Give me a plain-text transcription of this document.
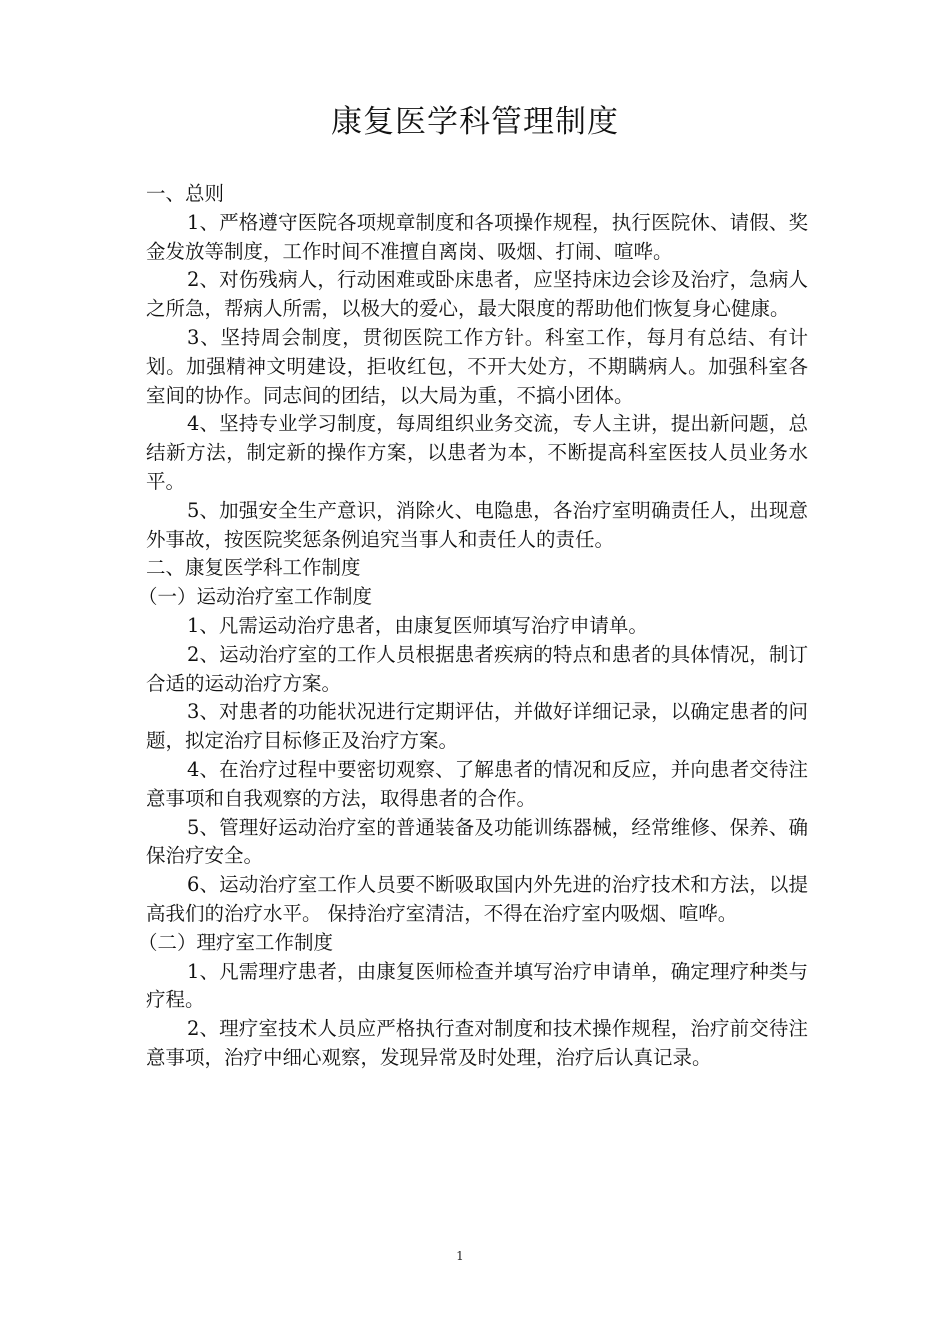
康复医学科管理制度

一、总则

1、严格遵守医院各项规章制度和各项操作规程，执行医院休、请假、奖金发放等制度，工作时间不准擅自离岗、吸烟、打闹、喧哗。

2、对伤残病人，行动困难或卧床患者，应坚持床边会诊及治疗，急病人之所急，帮病人所需，以极大的爱心，最大限度的帮助他们恢复身心健康。

3、坚持周会制度，贯彻医院工作方针。科室工作，每月有总结、有计划。加强精神文明建设，拒收红包，不开大处方，不期瞒病人。加强科室各室间的协作。同志间的团结，以大局为重，不搞小团体。

4、坚持专业学习制度，每周组织业务交流，专人主讲，提出新问题，总结新方法，制定新的操作方案，以患者为本，不断提高科室医技人员业务水平。

5、加强安全生产意识，消除火、电隐患，各治疗室明确责任人，出现意外事故，按医院奖惩条例追究当事人和责任人的责任。

二、康复医学科工作制度

（一）运动治疗室工作制度

1、凡需运动治疗患者，由康复医师填写治疗申请单。

2、运动治疗室的工作人员根据患者疾病的特点和患者的具体情况，制订合适的运动治疗方案。

3、对患者的功能状况进行定期评估，并做好详细记录，以确定患者的问题，拟定治疗目标修正及治疗方案。

4、在治疗过程中要密切观察、了解患者的情况和反应，并向患者交待注意事项和自我观察的方法，取得患者的合作。

5、管理好运动治疗室的普通装备及功能训练器械，经常维修、保养、确保治疗安全。

6、运动治疗室工作人员要不断吸取国内外先进的治疗技术和方法，以提高我们的治疗水平。 保持治疗室清洁，不得在治疗室内吸烟、喧哗。

（二）理疗室工作制度

1、凡需理疗患者，由康复医师检查并填写治疗申请单，确定理疗种类与疗程。

2、理疗室技术人员应严格执行查对制度和技术操作规程，治疗前交待注意事项，治疗中细心观察，发现异常及时处理，治疗后认真记录。

1
